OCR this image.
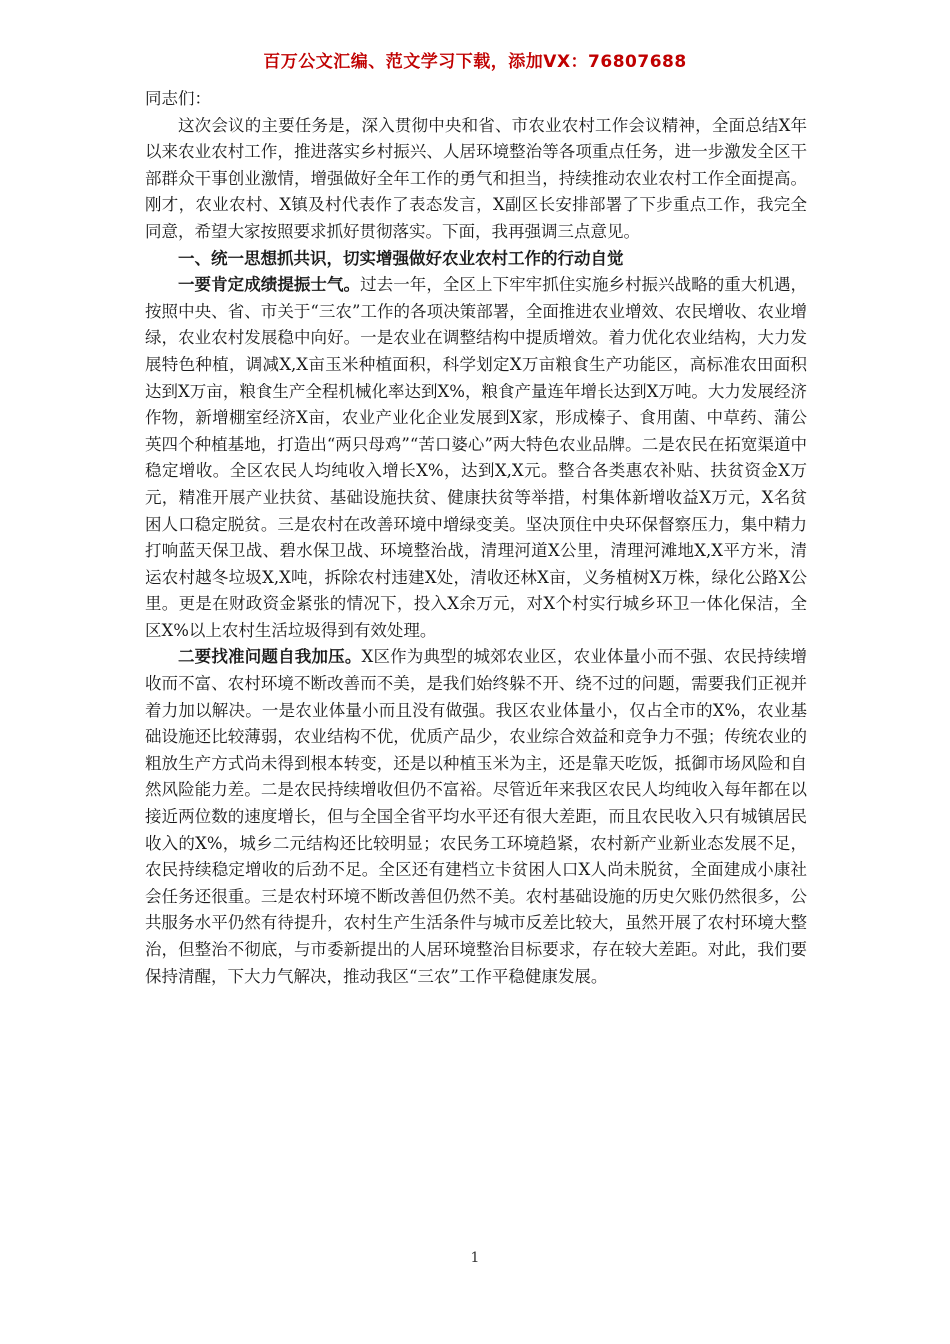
百万公文汇编、范文学习下载，添加VX：76807688

同志们：

这次会议的主要任务是，深入贯彻中央和省、市农业农村工作会议精神，全面总结X年以来农业农村工作，推进落实乡村振兴、人居环境整治等各项重点任务，进一步激发全区干部群众干事创业激情，增强做好全年工作的勇气和担当，持续推动农业农村工作全面提高。刚才，农业农村、X镇及村代表作了表态发言，X副区长安排部署了下步重点工作，我完全同意，希望大家按照要求抓好贯彻落实。下面，我再强调三点意见。

一、统一思想抓共识，切实增强做好农业农村工作的行动自觉

一要肯定成绩提振士气。过去一年，全区上下牢牢抓住实施乡村振兴战略的重大机遇，按照中央、省、市关于“三农”工作的各项决策部署，全面推进农业增效、农民增收、农业增绿，农业农村发展稳中向好。一是农业在调整结构中提质增效。着力优化农业结构，大力发展特色种植，调减X,X亩玉米种植面积，科学划定X万亩粮食生产功能区，高标准农田面积达到X万亩，粮食生产全程机械化率达到X%，粮食产量连年增长达到X万吨。大力发展经济作物，新增棚室经济X亩，农业产业化企业发展到X家，形成榛子、食用菌、中草药、蒲公英四个种植基地，打造出“两只母鸡”“苦口婆心”两大特色农业品牌。二是农民在拓宽渠道中稳定增收。全区农民人均纯收入增长X%，达到X,X元。整合各类惠农补贴、扶贫资金X万元，精准开展产业扶贫、基础设施扶贫、健康扶贫等举措，村集体新增收益X万元，X名贫困人口稳定脱贫。三是农村在改善环境中增绿变美。坚决顶住中央环保督察压力，集中精力打响蓝天保卫战、碧水保卫战、环境整治战，清理河道X公里，清理河滩地X,X平方米，清运农村越冬垃圾X,X吨，拆除农村违建X处，清收还林X亩，义务植树X万株，绿化公路X公里。更是在财政资金紧张的情况下，投入X余万元，对X个村实行城乡环卫一体化保洁，全区X%以上农村生活垃圾得到有效处理。

二要找准问题自我加压。X区作为典型的城郊农业区，农业体量小而不强、农民持续增收而不富、农村环境不断改善而不美，是我们始终躲不开、绕不过的问题，需要我们正视并着力加以解决。一是农业体量小而且没有做强。我区农业体量小，仅占全市的X%，农业基础设施还比较薄弱，农业结构不优，优质产品少，农业综合效益和竞争力不强；传统农业的粗放生产方式尚未得到根本转变，还是以种植玉米为主，还是靠天吃饭，抵御市场风险和自然风险能力差。二是农民持续增收但仍不富裕。尽管近年来我区农民人均纯收入每年都在以接近两位数的速度增长，但与全国全省平均水平还有很大差距，而且农民收入只有城镇居民收入的X%，城乡二元结构还比较明显；农民务工环境趋紧，农村新产业新业态发展不足，农民持续稳定增收的后劲不足。全区还有建档立卡贫困人口X人尚未脱贫，全面建成小康社会任务还很重。三是农村环境不断改善但仍然不美。农村基础设施的历史欠账仍然很多，公共服务水平仍然有待提升，农村生产生活条件与城市反差比较大，虽然开展了农村环境大整治，但整治不彻底，与市委新提出的人居环境整治目标要求，存在较大差距。对此，我们要保持清醒，下大力气解决，推动我区“三农”工作平稳健康发展。

1
